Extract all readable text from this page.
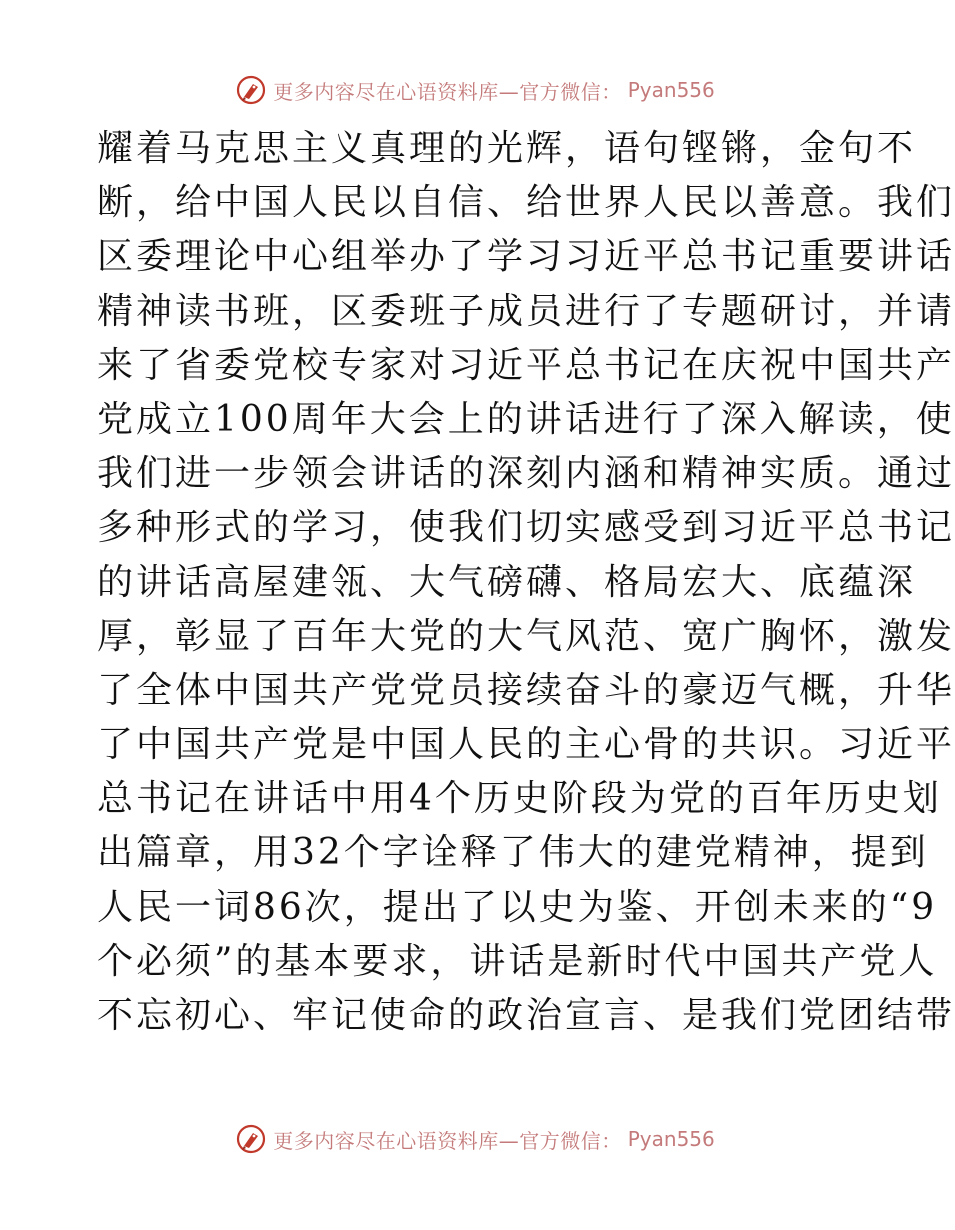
更多内容尽在心语资料库—官方微信： Pyan556
耀着马克思主义真理的光辉，语句铿锵，金句不
断，给中国人民以自信、给世界人民以善意。我们
区委理论中心组举办了学习习近平总书记重要讲话
精神读书班，区委班子成员进行了专题研讨，并请
来了省委党校专家对习近平总书记在庆祝中国共产
党成立100周年大会上的讲话进行了深入解读，使
我们进一步领会讲话的深刻内涵和精神实质。通过
多种形式的学习，使我们切实感受到习近平总书记
的讲话高屋建瓴、大气磅礴、格局宏大、底蕴深
厚，彰显了百年大党的大气风范、宽广胸怀，激发
了全体中国共产党党员接续奋斗的豪迈气概，升华
了中国共产党是中国人民的主心骨的共识。习近平
总书记在讲话中用4个历史阶段为党的百年历史划
出篇章，用32个字诠释了伟大的建党精神，提到
人民一词86次，提出了以史为鉴、开创未来的“9
个必须”的基本要求，讲话是新时代中国共产党人
不忘初心、牢记使命的政治宣言、是我们党团结带
更多内容尽在心语资料库—官方微信： Pyan556
